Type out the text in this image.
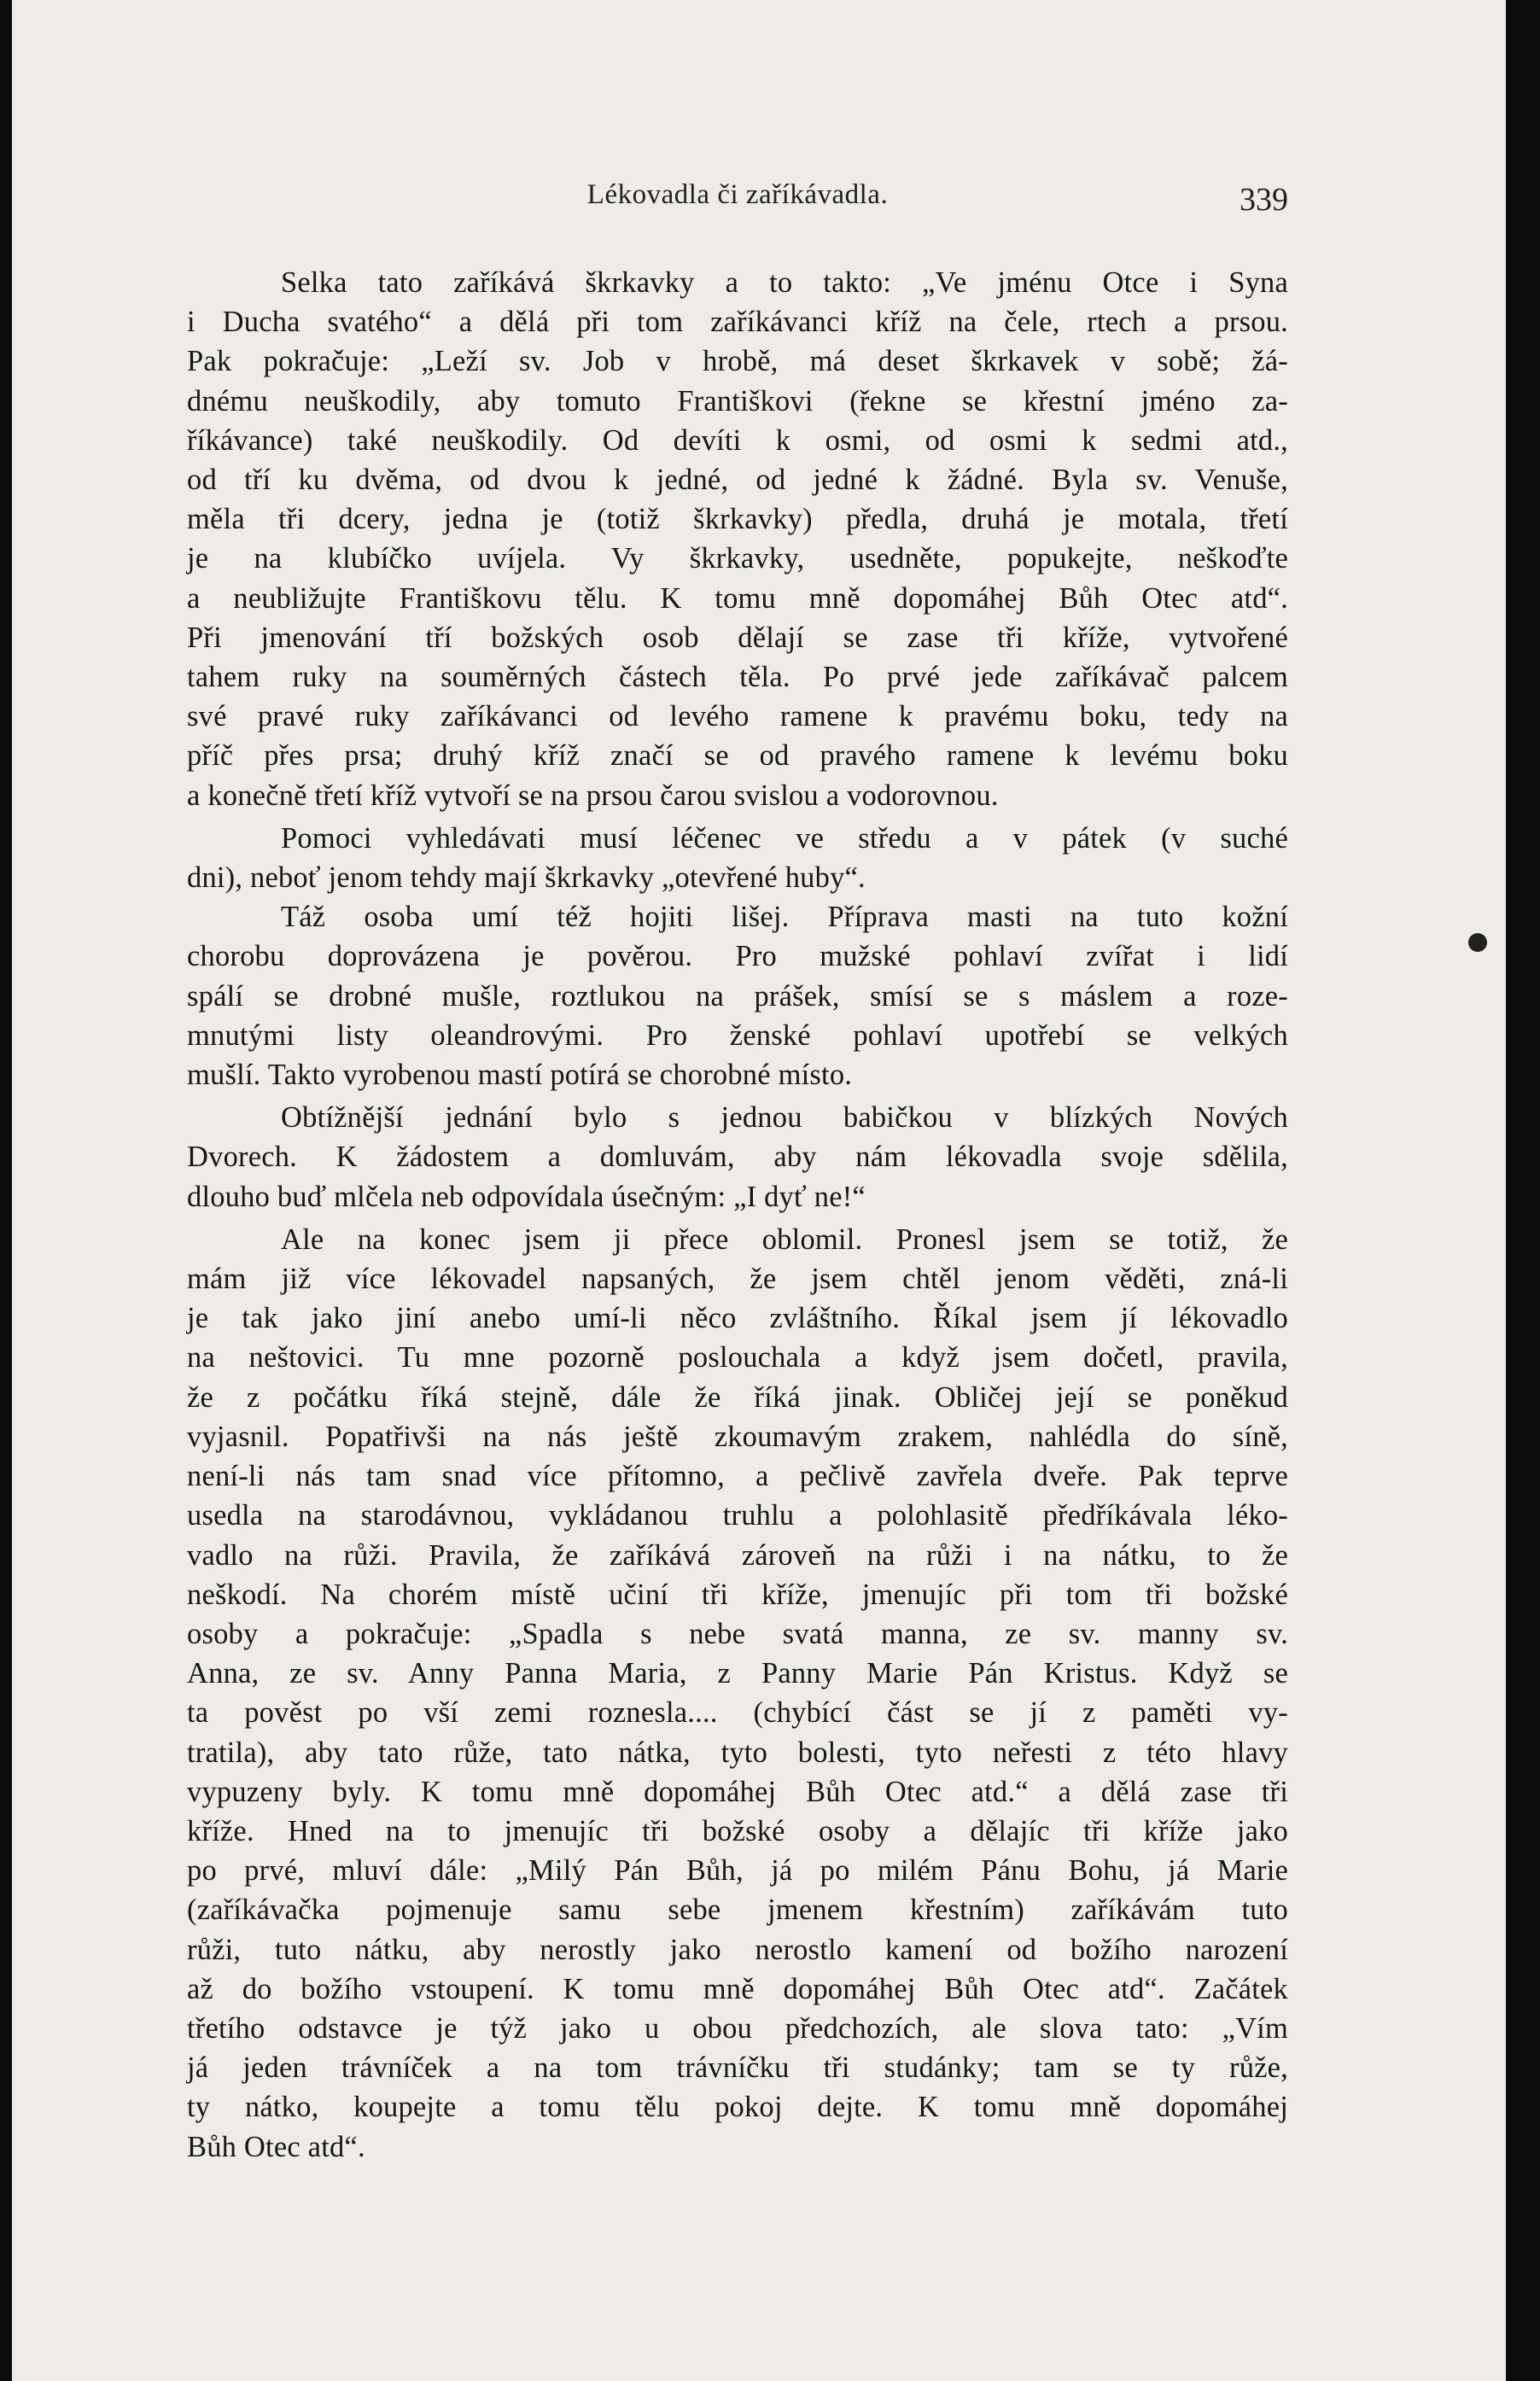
Lékovadla či zaříkávadla.	339

Selka tato zaříkává škrkavky a to takto: „Ve jménu Otce i Syna
i Ducha svatého“ a dělá při tom zaříkávanci kříž na čele, rtech a prsou.
Pak pokračuje: „Leží sv. Job v hrobě, má deset škrkavek v sobě; žá-
dnému neuškodily, aby tomuto Františkovi (řekne se křestní jméno za-
říkávance) také neuškodily. Od devíti k osmi, od osmi k sedmi atd.,
od tří ku dvěma, od dvou k jedné, od jedné k žádné. Byla sv. Venuše,
měla tři dcery, jedna je (totiž škrkavky) předla, druhá je motala, třetí
je na klubíčko uvíjela. Vy škrkavky, usedněte, popukejte, neškoďte
a neubližujte Františkovu tělu. K tomu mně dopomáhej Bůh Otec atd“.
Při jmenování tří božských osob dělají se zase tři kříže, vytvořené
tahem ruky na souměrných částech těla. Po prvé jede zaříkávač palcem
své pravé ruky zaříkávanci od levého ramene k pravému boku, tedy na
příč přes prsa; druhý kříž značí se od pravého ramene k levému boku
a konečně třetí kříž vytvoří se na prsou čarou svislou a vodorovnou.

Pomoci vyhledávati musí léčenec ve středu a v pátek (v suché
dni), neboť jenom tehdy mají škrkavky „otevřené huby“.

Táž osoba umí též hojiti lišej. Příprava masti na tuto kožní
chorobu doprovázena je pověrou. Pro mužské pohlaví zvířat i lidí
spálí se drobné mušle, roztlukou na prášek, smísí se s máslem a roze-
mnutými listy oleandrovými. Pro ženské pohlaví upotřebí se velkých
mušlí. Takto vyrobenou mastí potírá se chorobné místo.

Obtížnější jednání bylo s jednou babičkou v blízkých Nových
Dvorech. K žádostem a domluvám, aby nám lékovadla svoje sdělila,
dlouho buď mlčela neb odpovídala úsečným: „I dyť ne!“

Ale na konec jsem ji přece oblomil. Pronesl jsem se totiž, že
mám již více lékovadel napsaných, že jsem chtěl jenom věděti, zná-li
je tak jako jiní anebo umí-li něco zvláštního. Říkal jsem jí lékovadlo
na neštovici. Tu mne pozorně poslouchala a když jsem dočetl, pravila,
že z počátku říká stejně, dále že říká jinak. Obličej její se poněkud
vyjasnil. Popatřivši na nás ještě zkoumavým zrakem, nahlédla do síně,
není-li nás tam snad více přítomno, a pečlivě zavřela dveře. Pak teprve
usedla na starodávnou, vykládanou truhlu a polohlasitě předříkávala léko-
vadlo na růži. Pravila, že zaříkává zároveň na růži i na nátku, to že
neškodí. Na chorém místě učiní tři kříže, jmenujíc při tom tři božské
osoby a pokračuje: „Spadla s nebe svatá manna, ze sv. manny sv.
Anna, ze sv. Anny Panna Maria, z Panny Marie Pán Kristus. Když se
ta pověst po vší zemi roznesla.... (chybící část se jí z paměti vy-
tratila), aby tato růže, tato nátka, tyto bolesti, tyto neřesti z této hlavy
vypuzeny byly. K tomu mně dopomáhej Bůh Otec atd.“ a dělá zase tři
kříže. Hned na to jmenujíc tři božské osoby a dělajíc tři kříže jako
po prvé, mluví dále: „Milý Pán Bůh, já po milém Pánu Bohu, já Marie
(zaříkávačka pojmenuje samu sebe jmenem křestním) zaříkávám tuto
růži, tuto nátku, aby nerostly jako nerostlo kamení od božího narození
až do božího vstoupení. K tomu mně dopomáhej Bůh Otec atd“. Začátek
třetího odstavce je týž jako u obou předchozích, ale slova tato: „Vím
já jeden trávníček a na tom trávníčku tři studánky; tam se ty růže,
ty nátko, koupejte a tomu tělu pokoj dejte. K tomu mně dopomáhej
Bůh Otec atd“.
